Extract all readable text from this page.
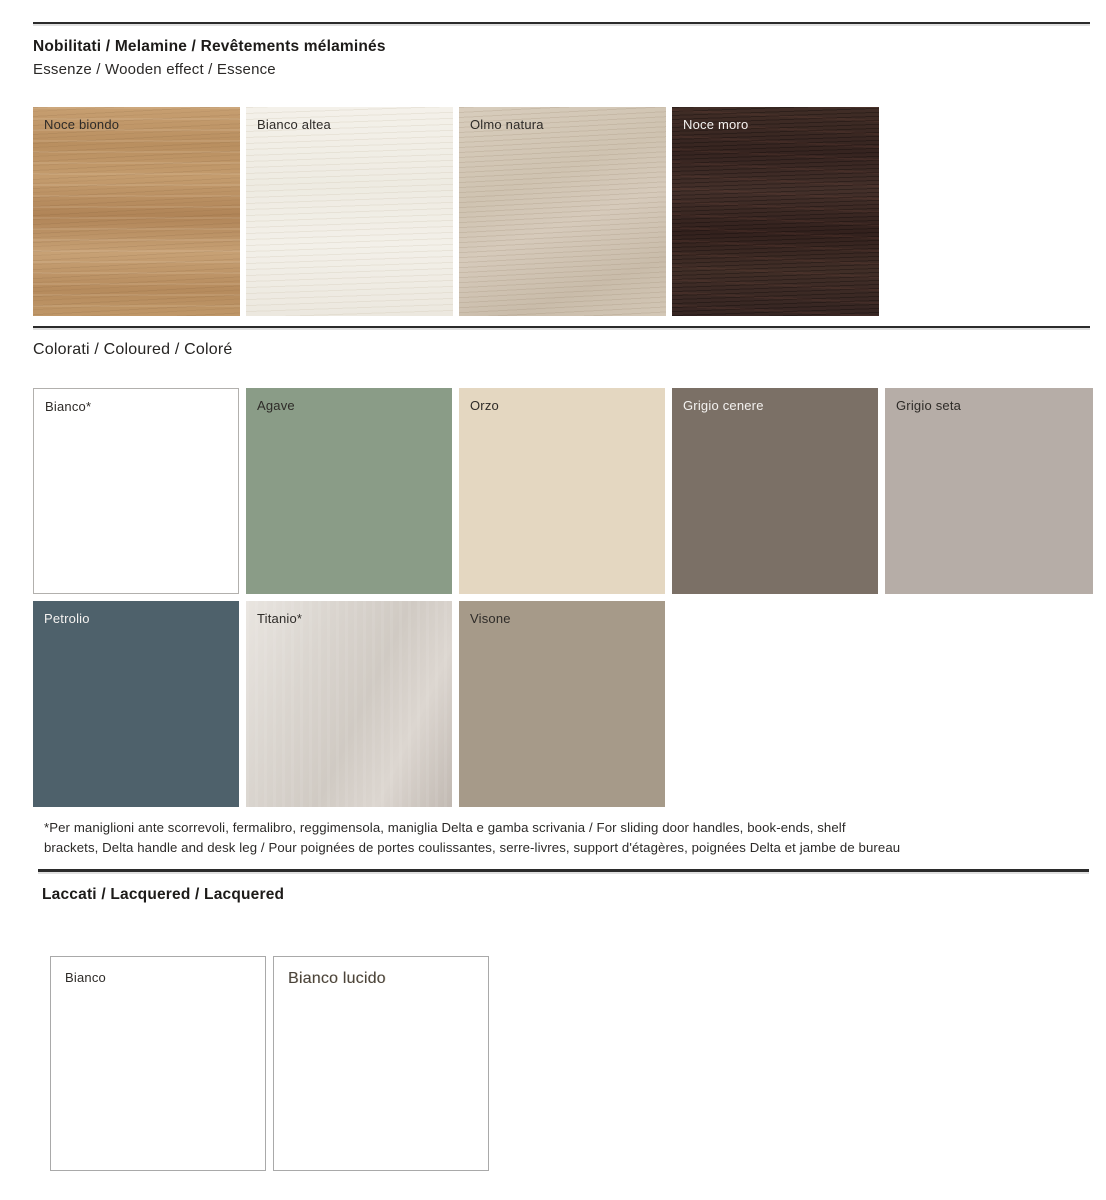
Nobilitati / Melamine / Revêtements mélaminés
Essenze / Wooden effect / Essence
Noce biondo	Bianco altea	Olmo natura	Noce moro
Colorati / Coloured / Coloré
Bianco*	Agave	Orzo	Grigio cenere	Grigio seta
Petrolio	Titanio*	Visone
*Per maniglioni ante scorrevoli, fermalibro, reggimensola, maniglia Delta e gamba scrivania / For sliding door handles, book-ends, shelf
brackets, Delta handle and desk leg / Pour poignées de portes coulissantes, serre-livres, support d'étagères, poignées Delta et jambe de bureau
Laccati / Lacquered / Lacquered
Bianco	Bianco lucido
